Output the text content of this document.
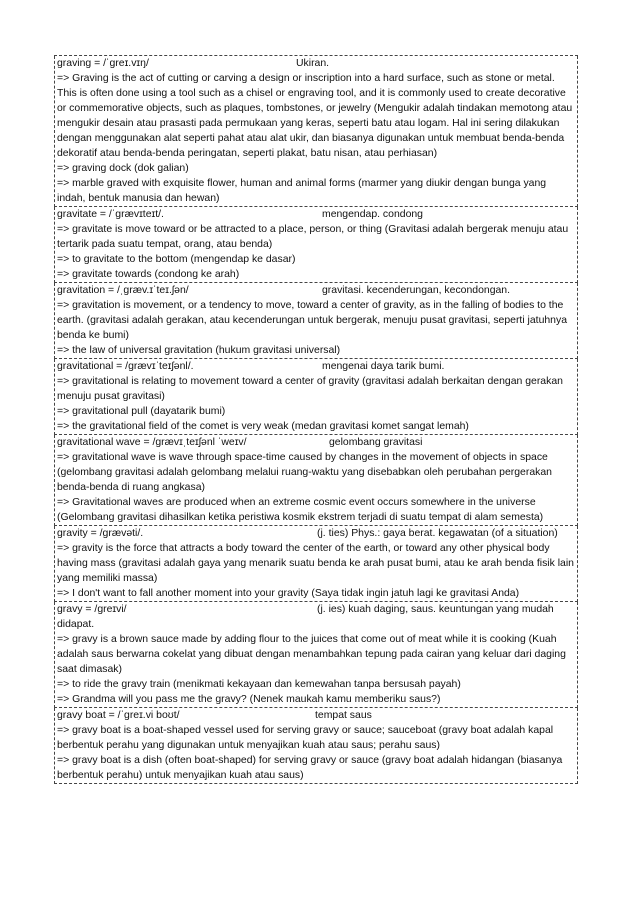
graving = /ˈgreɪ.vɪŋ/	Ukiran.

=> Graving is the act of cutting or carving a design or inscription into a hard surface, such as stone or metal. This is often done using a tool such as a chisel or engraving tool, and it is commonly used to create decorative or commemorative objects, such as plaques, tombstones, or jewelry (Mengukir adalah tindakan memotong atau mengukir desain atau prasasti pada permukaan yang keras, seperti batu atau logam. Hal ini sering dilakukan dengan menggunakan alat seperti pahat atau alat ukir, dan biasanya digunakan untuk membuat benda-benda dekoratif atau benda-benda peringatan, seperti plakat, batu nisan, atau perhiasan)

=> graving dock (dok galian)

=> marble graved with exquisite flower, human and animal forms (marmer yang diukir dengan bunga yang indah, bentuk manusia dan hewan)

gravitate = /ˈgrævɪteɪt/.	mengendap. condong

=> gravitate is move toward or be attracted to a place, person, or thing (Gravitasi adalah bergerak menuju atau tertarik pada suatu tempat, orang, atau benda)

=> to gravitate to the bottom (mengendap ke dasar)

=> gravitate towards (condong ke arah)

gravitation = /ˌgræv.ɪˈteɪ.ʃən/	gravitasi. kecenderungan, kecondongan.

=> gravitation is movement, or a tendency to move, toward a center of gravity, as in the falling of bodies to the earth. (gravitasi adalah gerakan, atau kecenderungan untuk bergerak, menuju pusat gravitasi, seperti jatuhnya benda ke bumi)

=> the law of universal gravitation (hukum gravitasi universal)

gravitational = /grævɪˈteɪʃənl/.	mengenai daya tarik bumi.

=> gravitational is relating to movement toward a center of gravity (gravitasi adalah berkaitan dengan gerakan menuju pusat gravitasi)

=> gravitational pull (dayatarik bumi)

=> the gravitational field of the comet is very weak (medan gravitasi komet sangat lemah)

gravitational wave = /grævɪˌteɪʃənl ˈweɪv/	gelombang gravitasi

=> gravitational wave is wave through space-time caused by changes in the movement of objects in space (gelombang gravitasi adalah gelombang melalui ruang-waktu yang disebabkan oleh perubahan pergerakan benda-benda di ruang angkasa)

=> Gravitational waves are produced when an extreme cosmic event occurs somewhere in the universe (Gelombang gravitasi dihasilkan ketika peristiwa kosmik ekstrem terjadi di suatu tempat di alam semesta)

gravity = /grævəti/.	(j. ties) Phys.: gaya berat. kegawatan (of a situation)

=> gravity is the force that attracts a body toward the center of the earth, or toward any other physical body having mass (gravitasi adalah gaya yang menarik suatu benda ke arah pusat bumi, atau ke arah benda fisik lain yang memiliki massa)

=> I don't want to fall another moment into your gravity (Saya tidak ingin jatuh lagi ke gravitasi Anda)

gravy = /greɪvi/	(j. ies) kuah daging, saus. keuntungan yang mudah didapat.

=> gravy is a brown sauce made by adding flour to the juices that come out of meat while it is cooking (Kuah adalah saus berwarna cokelat yang dibuat dengan menambahkan tepung pada cairan yang keluar dari daging saat dimasak)

=> to ride the gravy train (menikmati kekayaan dan kemewahan tanpa bersusah payah)

=> Grandma will you pass me the gravy? (Nenek maukah kamu memberiku saus?)

gravy boat = /ˈgreɪ.vi boʊt/	tempat saus

=> gravy boat is a boat-shaped vessel used for serving gravy or sauce; sauceboat (gravy boat adalah kapal berbentuk perahu yang digunakan untuk menyajikan kuah atau saus; perahu saus)

=> gravy boat is a dish (often boat-shaped) for serving gravy or sauce (gravy boat adalah hidangan (biasanya berbentuk perahu) untuk menyajikan kuah atau saus)
